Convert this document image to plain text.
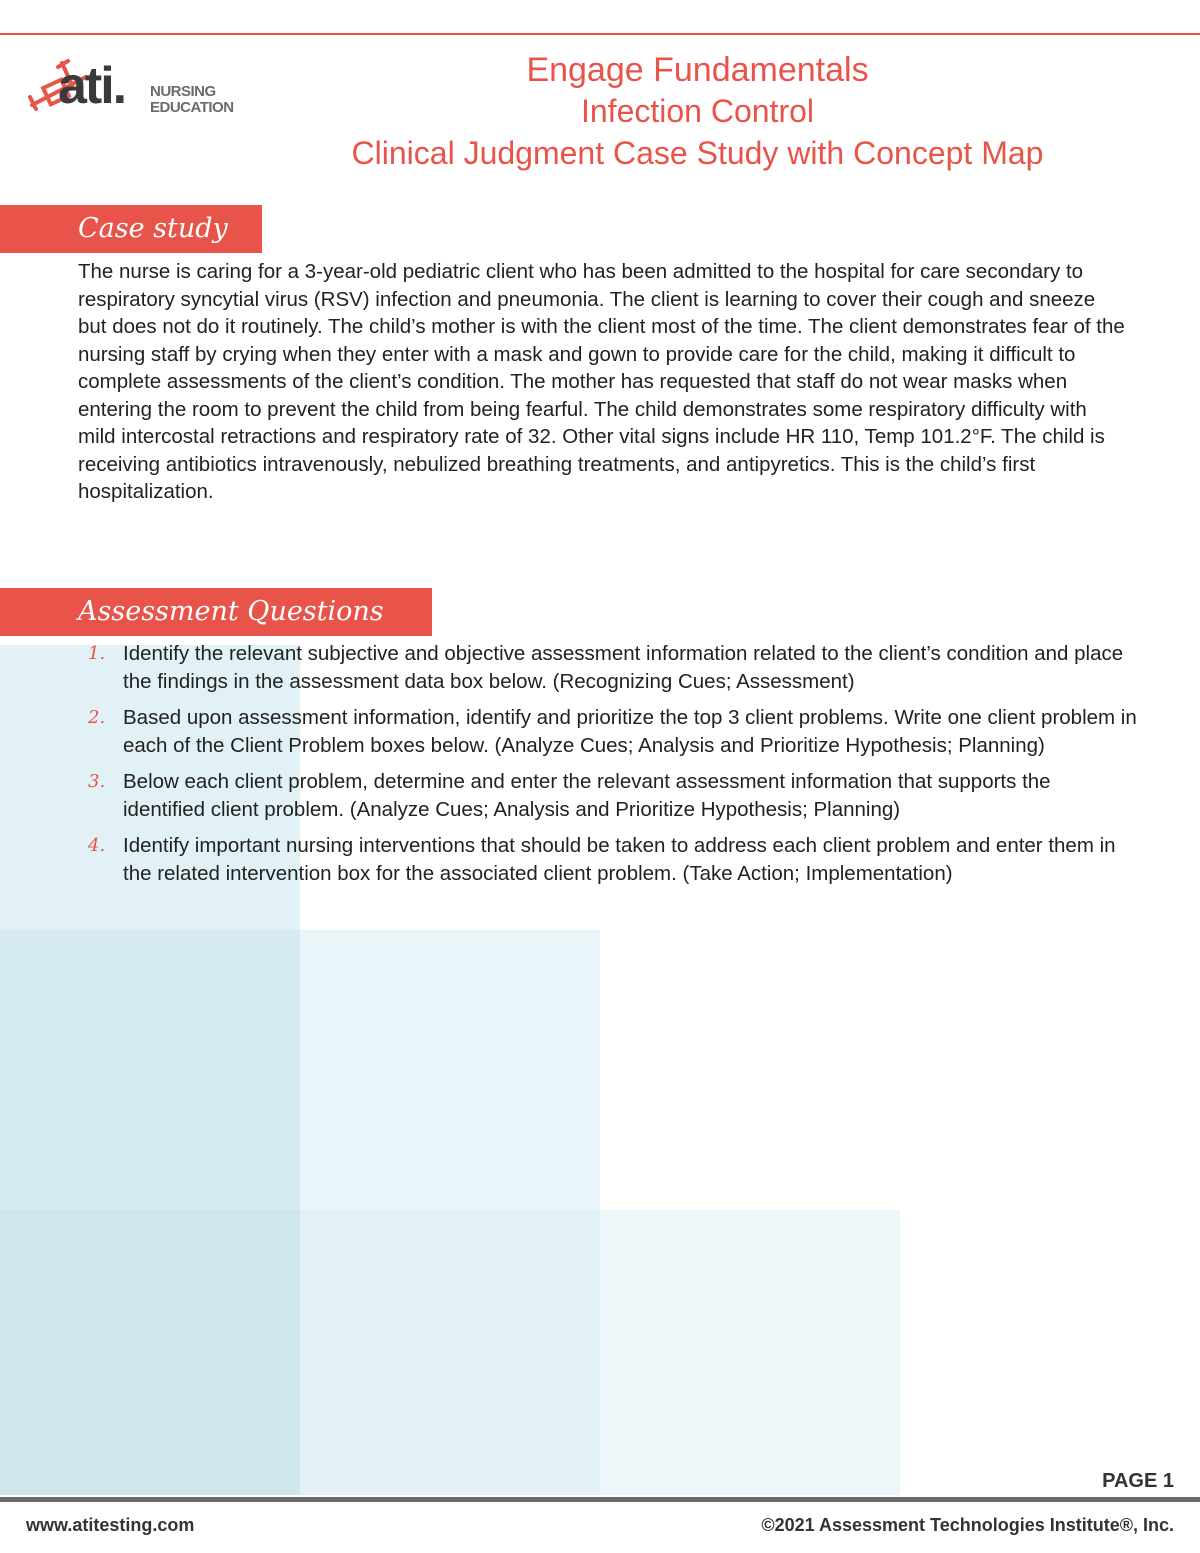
ati. NURSING
EDUCATION
Engage Fundamentals
Infection Control
Clinical Judgment Case Study with Concept Map
Case study
The nurse is caring for a 3-year-old pediatric client who has been admitted to the hospital for care secondary to respiratory syncytial virus (RSV) infection and pneumonia. The client is learning to cover their cough and sneeze but does not do it routinely. The child’s mother is with the client most of the time. The client demonstrates fear of the nursing staff by crying when they enter with a mask and gown to provide care for the child, making it difficult to complete assessments of the client’s condition. The mother has requested that staff do not wear masks when entering the room to prevent the child from being fearful. The child demonstrates some respiratory difficulty with mild intercostal retractions and respiratory rate of 32. Other vital signs include HR 110, Temp 101.2°F. The child is receiving antibiotics intravenously, nebulized breathing treatments, and antipyretics. This is the child’s first hospitalization.
Assessment Questions
1. Identify the relevant subjective and objective assessment information related to the client’s condition and place the findings in the assessment data box below. (Recognizing Cues; Assessment)
2. Based upon assessment information, identify and prioritize the top 3 client problems. Write one client problem in each of the Client Problem boxes below. (Analyze Cues; Analysis and Prioritize Hypothesis; Planning)
3. Below each client problem, determine and enter the relevant assessment information that supports the identified client problem. (Analyze Cues; Analysis and Prioritize Hypothesis; Planning)
4. Identify important nursing interventions that should be taken to address each client problem and enter them in the related intervention box for the associated client problem. (Take Action; Implementation)
PAGE 1
www.atitesting.com	©2021 Assessment Technologies Institute®, Inc.
